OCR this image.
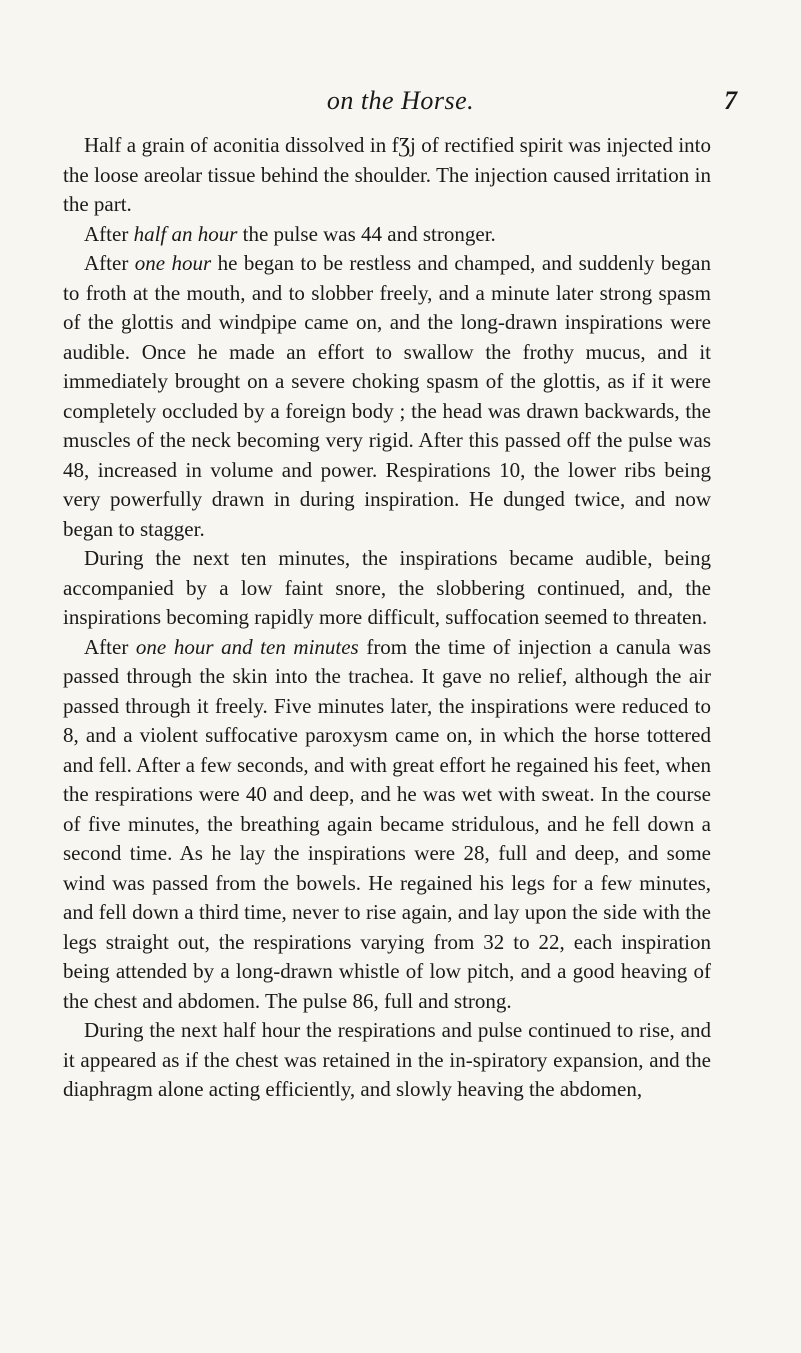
on the Horse.	7

Half a grain of aconitia dissolved in fƷj of rectified spirit was injected into the loose areolar tissue behind the shoulder. The injection caused irritation in the part.

After half an hour the pulse was 44 and stronger.

After one hour he began to be restless and champed, and suddenly began to froth at the mouth, and to slobber freely, and a minute later strong spasm of the glottis and windpipe came on, and the long-drawn inspirations were audible. Once he made an effort to swallow the frothy mucus, and it immediately brought on a severe choking spasm of the glottis, as if it were completely occluded by a foreign body ; the head was drawn backwards, the muscles of the neck becoming very rigid. After this passed off the pulse was 48, increased in volume and power. Respirations 10, the lower ribs being very powerfully drawn in during inspiration. He dunged twice, and now began to stagger.

During the next ten minutes, the inspirations became audible, being accompanied by a low faint snore, the slobbering continued, and, the inspirations becoming rapidly more difficult, suffocation seemed to threaten.

After one hour and ten minutes from the time of injection a canula was passed through the skin into the trachea. It gave no relief, although the air passed through it freely. Five minutes later, the inspirations were reduced to 8, and a violent suffocative paroxysm came on, in which the horse tottered and fell. After a few seconds, and with great effort he regained his feet, when the respirations were 40 and deep, and he was wet with sweat. In the course of five minutes, the breathing again became stridulous, and he fell down a second time. As he lay the inspirations were 28, full and deep, and some wind was passed from the bowels. He regained his legs for a few minutes, and fell down a third time, never to rise again, and lay upon the side with the legs straight out, the respirations varying from 32 to 22, each inspiration being attended by a long-drawn whistle of low pitch, and a good heaving of the chest and abdomen. The pulse 86, full and strong.

During the next half hour the respirations and pulse continued to rise, and it appeared as if the chest was retained in the in-spiratory expansion, and the diaphragm alone acting efficiently, and slowly heaving the abdomen,
